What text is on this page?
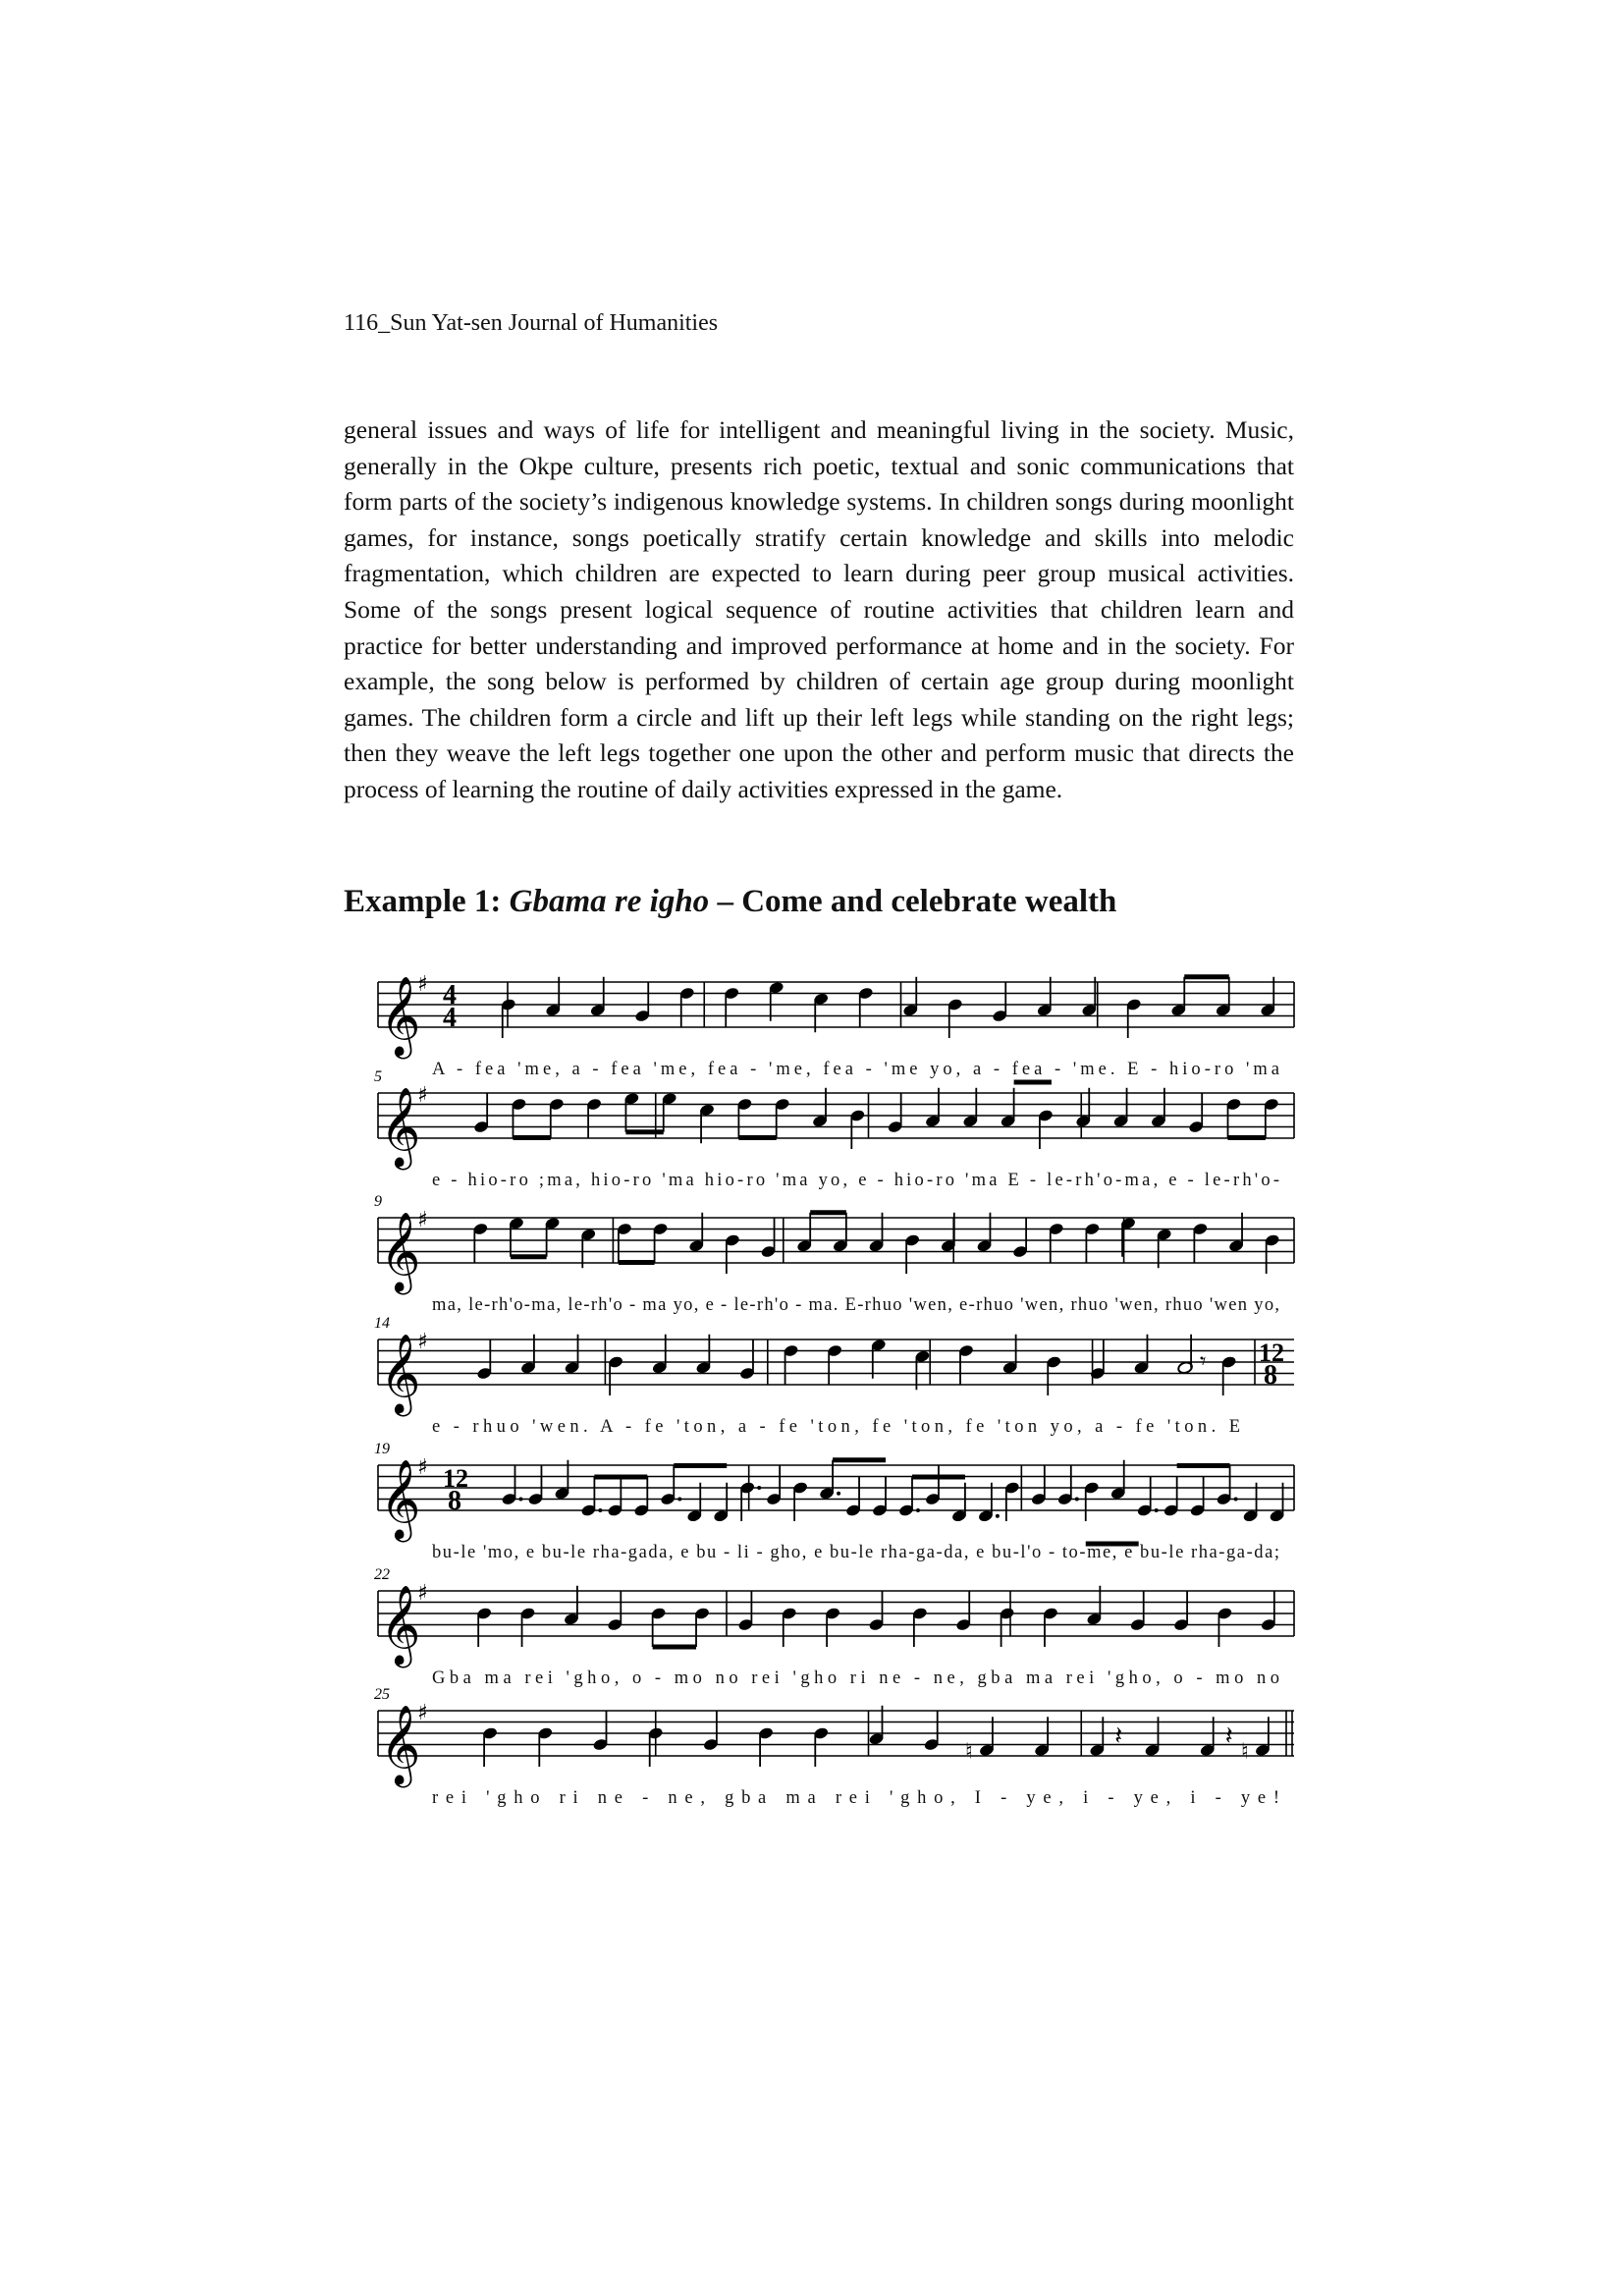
116_Sun Yat-sen Journal of Humanities

general issues and ways of life for intelligent and meaningful living in the society. Music, generally in the Okpe culture, presents rich poetic, textual and sonic communications that form parts of the society’s indigenous knowledge systems. In children songs during moonlight games, for instance, songs poetically stratify certain knowledge and skills into melodic fragmentation, which children are expected to learn during peer group musical activities. Some of the songs present logical sequence of routine activities that children learn and practice for better understanding and improved performance at home and in the society. For example, the song below is performed by children of certain age group during moonlight games. The children form a circle and lift up their left legs while standing on the right legs; then they weave the left legs together one upon the other and perform music that directs the process of learning the routine of daily activities expressed in the game.

Example 1: Gbama re igho – Come and celebrate wealth
𝄞
♯ 4
4
A - fea 'me, a - fea 'me, fea - 'me, fea - 'me yo, a - fea - 'me. E - hio-ro 'ma
𝄞
♯
5
e - hio-ro ;ma, hio-ro 'ma hio-ro 'ma yo, e - hio-ro 'ma E - le-rh'o-ma, e - le-rh'o-
𝄞
♯
9
ma, le-rh'o-ma, le-rh'o - ma yo, e - le-rh'o - ma. E-rhuo 'wen, e-rhuo 'wen, rhuo 'wen, rhuo 'wen yo,
𝄞
♯	12
8
14
𝄾
e - rhuo 'wen. A - fe 'ton, a - fe 'ton, fe 'ton, fe 'ton yo, a - fe 'ton. E
𝄞
♯ 12
8
19
bu-le 'mo, e bu-le rha-gada, e bu - li - gho, e bu-le rha-ga-da, e bu-l'o - to-me, e bu-le rha-ga-da;
𝄞
♯
22
Gba ma rei 'gho, o - mo no rei 'gho ri ne - ne, gba ma rei 'gho, o - mo no
𝄞
♯
25
♮	♮
𝄽	𝄽
rei 'gho ri ne - ne, gba ma rei 'gho, I - ye, i - ye, i - ye!
